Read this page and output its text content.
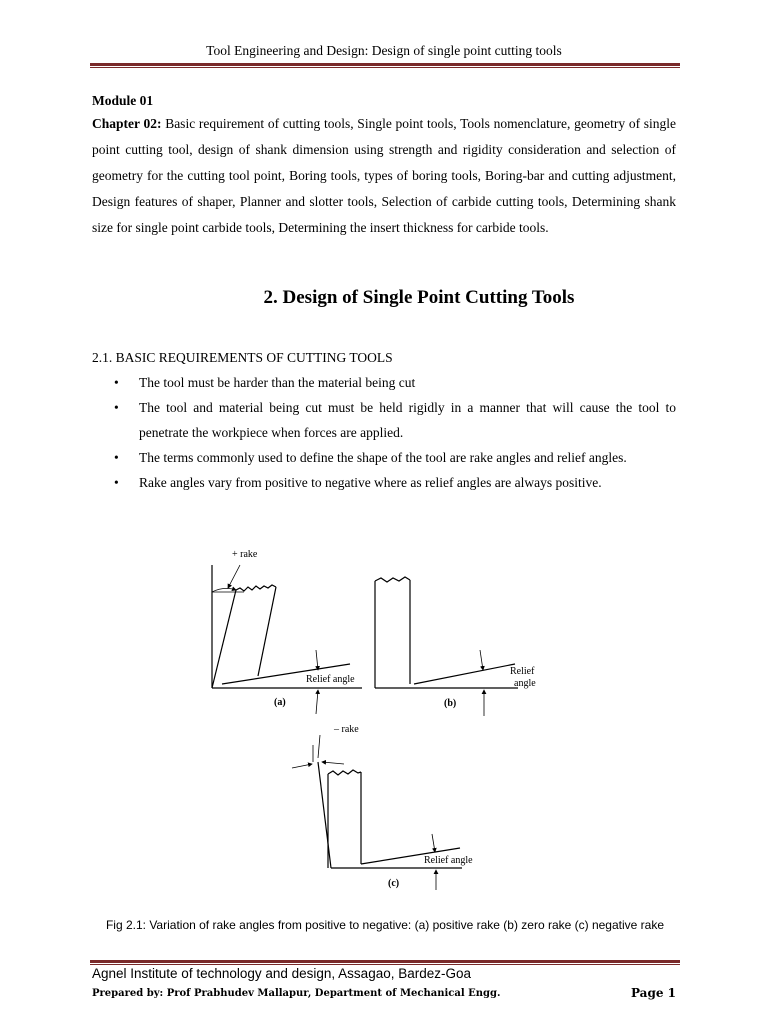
Tool Engineering and Design: Design of single point cutting tools
Module 01
Chapter 02: Basic requirement of cutting tools, Single point tools, Tools nomenclature, geometry of single point cutting tool, design of shank dimension using strength and rigidity consideration and selection of geometry for the cutting tool point, Boring tools, types of boring tools, Boring-bar and cutting adjustment, Design features of shaper, Planner and slotter tools, Selection of carbide cutting tools, Determining shank size for single point carbide tools, Determining the insert thickness for carbide tools.
2. Design of Single Point Cutting Tools
2.1. BASIC REQUIREMENTS OF CUTTING TOOLS
• The tool must be harder than the material being cut
• The tool and material being cut must be held rigidly in a manner that will cause the tool to penetrate the workpiece when forces are applied.
• The terms commonly used to define the shape of the tool are rake angles and relief angles.
• Rake angles vary from positive to negative where as relief angles are always positive.
+ rake
Relief angle
(a)
Relief
angle
(b)
– rake
Relief angle
(c)
Fig 2.1: Variation of rake angles from positive to negative: (a) positive rake (b) zero rake (c) negative rake
Agnel Institute of technology and design, Assagao, Bardez-Goa
Prepared by: Prof Prabhudev Mallapur, Department of Mechanical Engg.	Page 1
